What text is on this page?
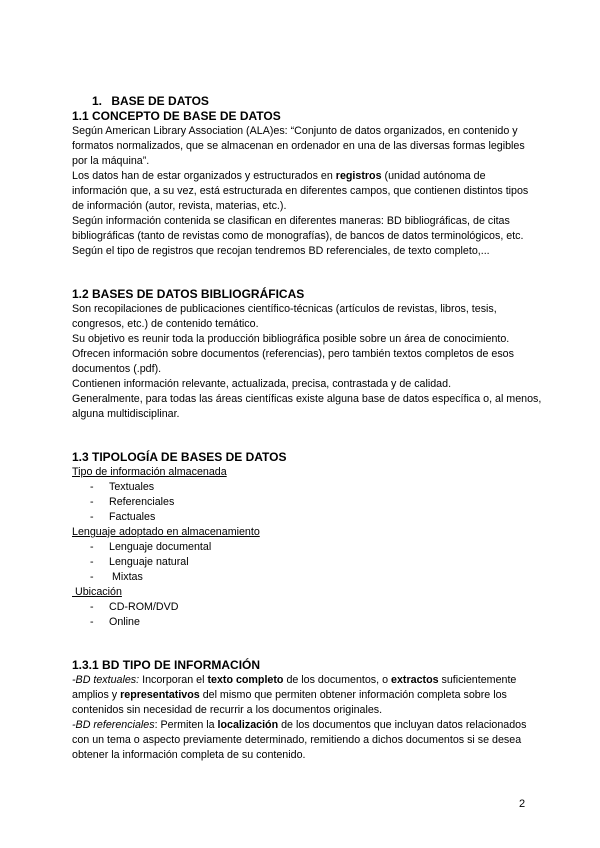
1. BASE DE DATOS
1.1 CONCEPTO DE BASE DE DATOS

Según American Library Association (ALA)es: “Conjunto de datos organizados, en contenido y formatos normalizados, que se almacenan en ordenador en una de las diversas formas legibles por la máquina”.

Los datos han de estar organizados y estructurados en registros (unidad autónoma de información que, a su vez, está estructurada en diferentes campos, que contienen distintos tipos de información (autor, revista, materias, etc.).

Según información contenida se clasifican en diferentes maneras: BD bibliográficas, de citas bibliográficas (tanto de revistas como de monografías), de bancos de datos terminológicos, etc.

Según el tipo de registros que recojan tendremos BD referenciales, de texto completo,...

1.2 BASES DE DATOS BIBLIOGRÁFICAS

Son recopilaciones de publicaciones científico-técnicas (artículos de revistas, libros, tesis, congresos, etc.) de contenido temático.

Su objetivo es reunir toda la producción bibliográfica posible sobre un área de conocimiento.

Ofrecen información sobre documentos (referencias), pero también textos completos de esos documentos (.pdf).

Contienen información relevante, actualizada, precisa, contrastada y de calidad.

Generalmente, para todas las áreas científicas existe alguna base de datos específica o, al menos, alguna multidisciplinar.

1.3 TIPOLOGÍA DE BASES DE DATOS

Tipo de información almacenada

- Textuales
- Referenciales
- Factuales

Lenguaje adoptado en almacenamiento

- Lenguaje documental
- Lenguaje natural
- Mixtas

Ubicación

- CD-ROM/DVD
- Online
1.3.1 BD TIPO DE INFORMACIÓN

-BD textuales: Incorporan el texto completo de los documentos, o extractos suficientemente amplios y representativos del mismo que permiten obtener información completa sobre los contenidos sin necesidad de recurrir a los documentos originales.

-BD referenciales: Permiten la localización de los documentos que incluyan datos relacionados con un tema o aspecto previamente determinado, remitiendo a dichos documentos si se desea obtener la información completa de su contenido.

2
